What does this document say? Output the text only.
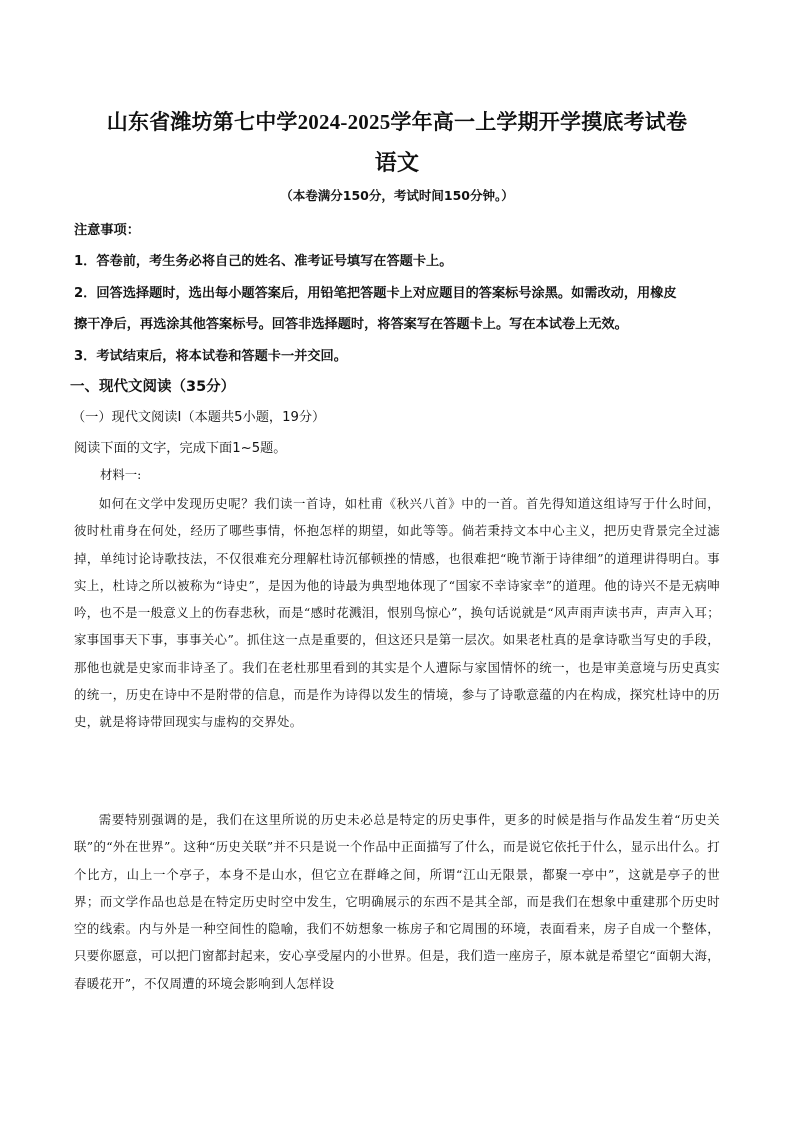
山东省潍坊第七中学2024-2025学年高一上学期开学摸底考试卷
语文
（本卷满分150分，考试时间150分钟。）
注意事项：
1．答卷前，考生务必将自己的姓名、准考证号填写在答题卡上。
2．回答选择题时，选出每小题答案后，用铅笔把答题卡上对应题目的答案标号涂黑。如需改动，用橡皮
擦干净后，再选涂其他答案标号。回答非选择题时，将答案写在答题卡上。写在本试卷上无效。
3．考试结束后，将本试卷和答题卡一并交回。
一、现代文阅读（35分）
（一）现代文阅读Ⅰ（本题共5小题，19分）
阅读下面的文字，完成下面1~5题。
材料一:

如何在文学中发现历史呢？我们读一首诗，如杜甫《秋兴八首》中的一首。首先得知道这组诗写于什么时间，彼时杜甫身在何处，经历了哪些事情，怀抱怎样的期望，如此等等。倘若秉持文本中心主义，把历史背景完全过滤掉，单纯讨论诗歌技法，不仅很难充分理解杜诗沉郁顿挫的情感，也很难把“晚节渐于诗律细”的道理讲得明白。事实上，杜诗之所以被称为“诗史”，是因为他的诗最为典型地体现了“国家不幸诗家幸”的道理。他的诗兴不是无病呻吟，也不是一般意义上的伤春悲秋，而是“感时花溅泪，恨别鸟惊心”，换句话说就是“风声雨声读书声，声声入耳；家事国事天下事，事事关心”。抓住这一点是重要的，但这还只是第一层次。如果老杜真的是拿诗歌当写史的手段，那他也就是史家而非诗圣了。我们在老杜那里看到的其实是个人遭际与家国情怀的统一，也是审美意境与历史真实的统一，历史在诗中不是附带的信息，而是作为诗得以发生的情境，参与了诗歌意蕴的内在构成，探究杜诗中的历史，就是将诗带回现实与虚构的交界处。

需要特别强调的是，我们在这里所说的历史未必总是特定的历史事件，更多的时候是指与作品发生着“历史关联”的“外在世界”。这种“历史关联”并不只是说一个作品中正面描写了什么，而是说它依托于什么，显示出什么。打个比方，山上一个亭子，本身不是山水，但它立在群峰之间，所谓“江山无限景，都聚一亭中”，这就是亭子的世界；而文学作品也总是在特定历史时空中发生，它明确展示的东西不是其全部，而是我们在想象中重建那个历史时空的线索。内与外是一种空间性的隐喻，我们不妨想象一栋房子和它周围的环境，表面看来，房子自成一个整体，只要你愿意，可以把门窗都封起来，安心享受屋内的小世界。但是，我们造一座房子，原本就是希望它“面朝大海，春暖花开”，不仅周遭的环境会影响到人怎样设
